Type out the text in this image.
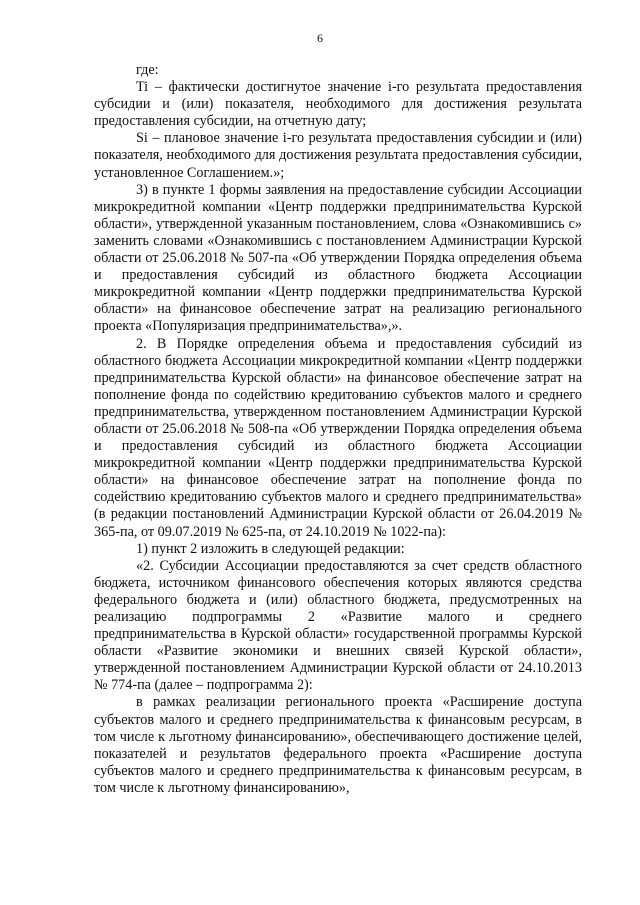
6

где:

Ti – фактически достигнутое значение i-го результата предоставления субсидии и (или) показателя, необходимого для достижения результата предоставления субсидии, на отчетную дату;

Si – плановое значение i-го результата предоставления субсидии и (или) показателя, необходимого для достижения результата предоставления субсидии, установленное Соглашением.»;

3) в пункте 1 формы заявления на предоставление субсидии Ассоциации микрокредитной компании «Центр поддержки предпринимательства Курской области», утвержденной указанным постановлением, слова «Ознакомившись с» заменить словами «Ознакомившись с постановлением Администрации Курской области от 25.06.2018 № 507-па «Об утверждении Порядка определения объема и предоставления субсидий из областного бюджета Ассоциации микрокредитной компании «Центр поддержки предпринимательства Курской области» на финансовое обеспечение затрат на реализацию регионального проекта «Популяризация предпринимательства»,».

2. В Порядке определения объема и предоставления субсидий из областного бюджета Ассоциации микрокредитной компании «Центр поддержки предпринимательства Курской области» на финансовое обеспечение затрат на пополнение фонда по содействию кредитованию субъектов малого и среднего предпринимательства, утвержденном постановлением Администрации Курской области от 25.06.2018 № 508-па «Об утверждении Порядка определения объема и предоставления субсидий из областного бюджета Ассоциации микрокредитной компании «Центр поддержки предпринимательства Курской области» на финансовое обеспечение затрат на пополнение фонда по содействию кредитованию субъектов малого и среднего предпринимательства» (в редакции постановлений Администрации Курской области от 26.04.2019 № 365-па, от 09.07.2019 № 625-па, от 24.10.2019 № 1022-па):

1) пункт 2 изложить в следующей редакции:

«2. Субсидии Ассоциации предоставляются за счет средств областного бюджета, источником финансового обеспечения которых являются средства федерального бюджета и (или) областного бюджета, предусмотренных на реализацию подпрограммы 2 «Развитие малого и среднего предпринимательства в Курской области» государственной программы Курской области «Развитие экономики и внешних связей Курской области», утвержденной постановлением Администрации Курской области от 24.10.2013 № 774-па (далее – подпрограмма 2):

в рамках реализации регионального проекта «Расширение доступа субъектов малого и среднего предпринимательства к финансовым ресурсам, в том числе к льготному финансированию», обеспечивающего достижение целей, показателей и результатов федерального проекта «Расширение доступа субъектов малого и среднего предпринимательства к финансовым ресурсам, в том числе к льготному финансированию»,
